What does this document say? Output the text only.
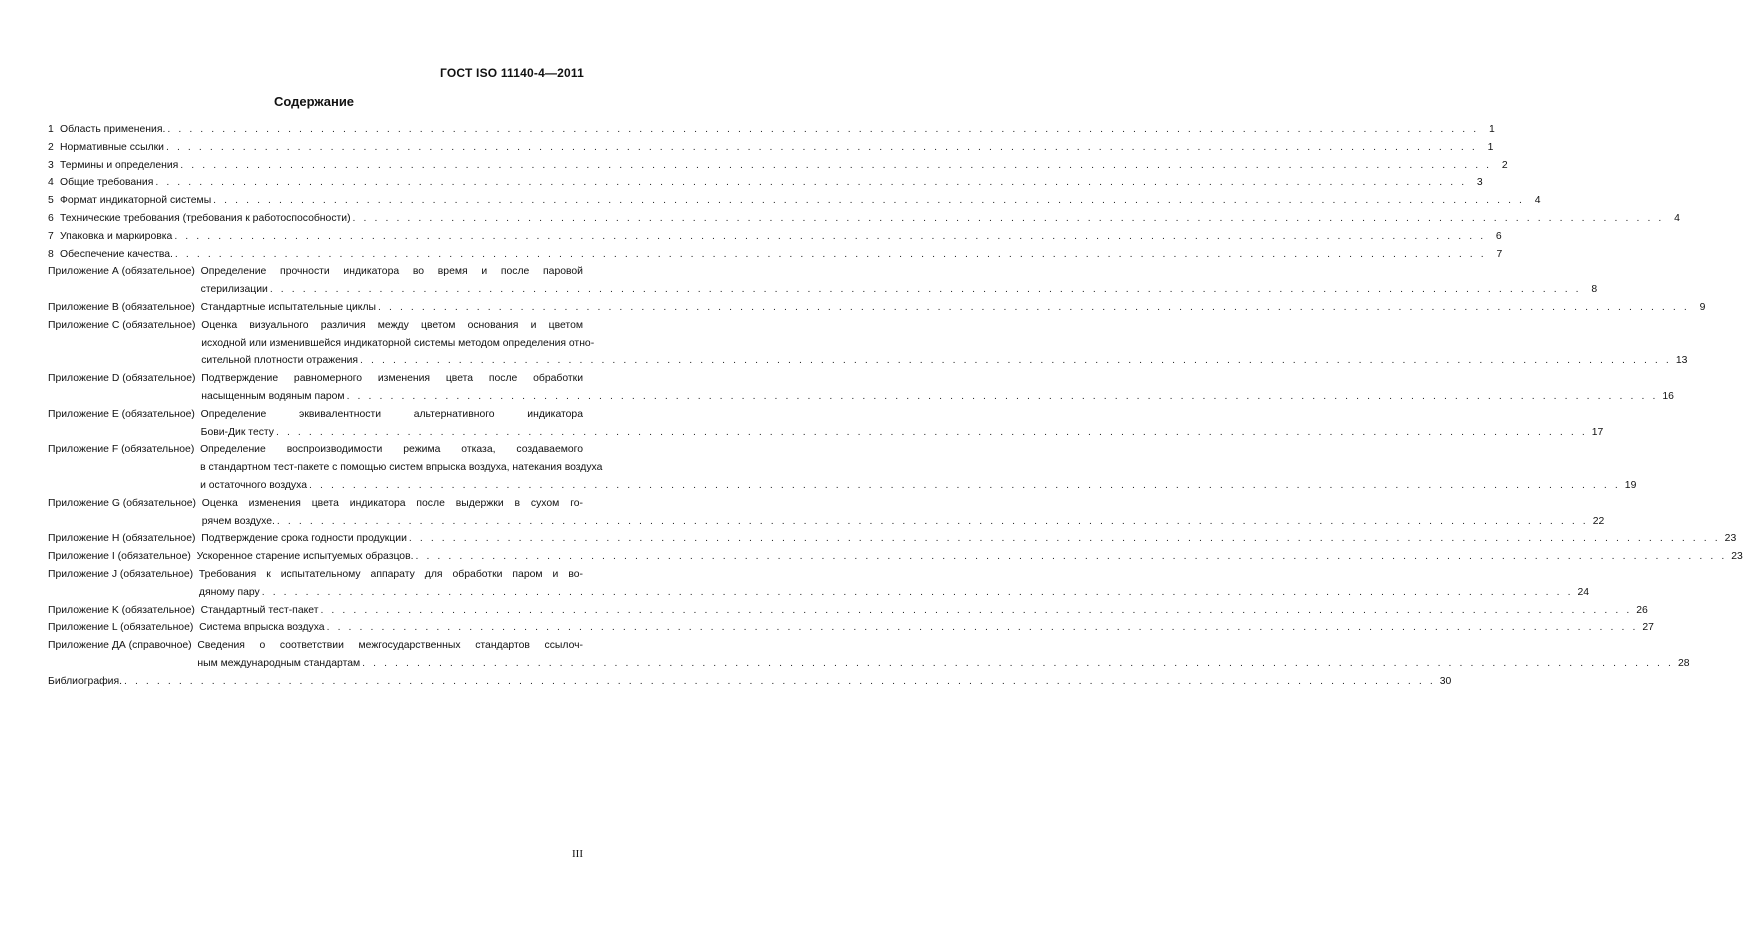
ГОСТ ISO 11140-4—2011
Содержание
1 Область применения. . . . . . . . . . . . . . . . . . . . . . . . . . . . . . . . . . . . . . . . . . . . . . . . . . . . . . . . . . . . . . . . . . . . . . . . . . . . . . . . . . . . . . . . . . . . . . . . . . . . . . . . . . . . . . . . . . . . . . . . . 1
2 Нормативные ссылки . . . . . . . . . . . . . . . . . . . . . . . . . . . . . . . . . . . . . . . . . . . . . . . . . . . . . . . . . . . . . . . . . . . . . . . . . . . . . . . . . . . . . . . . . . . . . . . . . . . . . . . . . . . . . . . . . . . . . . . . 1
3 Термины и определения . . . . . . . . . . . . . . . . . . . . . . . . . . . . . . . . . . . . . . . . . . . . . . . . . . . . . . . . . . . . . . . . . . . . . . . . . . . . . . . . . . . . . . . . . . . . . . . . . . . . . . . . . . . . . . . . . . . . . . . . 2
4 Общие требования . . . . . . . . . . . . . . . . . . . . . . . . . . . . . . . . . . . . . . . . . . . . . . . . . . . . . . . . . . . . . . . . . . . . . . . . . . . . . . . . . . . . . . . . . . . . . . . . . . . . . . . . . . . . . . . . . . . . . . . . 3
5 Формат индикаторной системы . . . . . . . . . . . . . . . . . . . . . . . . . . . . . . . . . . . . . . . . . . . . . . . . . . . . . . . . . . . . . . . . . . . . . . . . . . . . . . . . . . . . . . . . . . . . . . . . . . . . . . . . . . . . . . . . . . . . . . . . 4
6 Технические требования (требования к работоспособности) . . . . . . . . . . . . . . . . . . . . . . . . . . . . . . . . . . . . . . . . . . . . . . . . . . . . . . . . . . . . . . . . . . . . . . . . . . . . . . . . . . . . . . . . . . . . . . . . . . . . . . . . . . . . . . . . . . . . . . . . 4
7 Упаковка и маркировка . . . . . . . . . . . . . . . . . . . . . . . . . . . . . . . . . . . . . . . . . . . . . . . . . . . . . . . . . . . . . . . . . . . . . . . . . . . . . . . . . . . . . . . . . . . . . . . . . . . . . . . . . . . . . . . . . . . . . . . . 6
8 Обеспечение качества. . . . . . . . . . . . . . . . . . . . . . . . . . . . . . . . . . . . . . . . . . . . . . . . . . . . . . . . . . . . . . . . . . . . . . . . . . . . . . . . . . . . . . . . . . . . . . . . . . . . . . . . . . . . . . . . . . . . . . . . . 7
Приложение А (обязательное) Определение прочности индикатора во время и после паровой
стерилизации . . . . . . . . . . . . . . . . . . . . . . . . . . . . . . . . . . . . . . . . . . . . . . . . . . . . . . . . . . . . . . . . . . . . . . . . . . . . . . . . . . . . . . . . . . . . . . . . . . . . . . . . . . . . . . . . . . . . . . . . 8
Приложение В (обязательное) Стандартные испытательные циклы . . . . . . . . . . . . . . . . . . . . . . . . . . . . . . . . . . . . . . . . . . . . . . . . . . . . . . . . . . . . . . . . . . . . . . . . . . . . . . . . . . . . . . . . . . . . . . . . . . . . . . . . . . . . . . . . . . . . . . . . 9
Приложение С (обязательное) Оценка визуального различия между цветом основания и цветом
исходной или изменившейся индикаторной системы методом определения отно-
сительной плотности отражения . . . . . . . . . . . . . . . . . . . . . . . . . . . . . . . . . . . . . . . . . . . . . . . . . . . . . . . . . . . . . . . . . . . . . . . . . . . . . . . . . . . . . . . . . . . . . . . . . . . . . . . . . . . . . . . . . . . . . . . . 13
Приложение D (обязательное) Подтверждение равномерного изменения цвета после обработки
насыщенным водяным паром . . . . . . . . . . . . . . . . . . . . . . . . . . . . . . . . . . . . . . . . . . . . . . . . . . . . . . . . . . . . . . . . . . . . . . . . . . . . . . . . . . . . . . . . . . . . . . . . . . . . . . . . . . . . . . . . . . . . . . . . 16
Приложение Е (обязательное) Определение эквивалентности альтернативного индикатора
Бови-Дик тесту . . . . . . . . . . . . . . . . . . . . . . . . . . . . . . . . . . . . . . . . . . . . . . . . . . . . . . . . . . . . . . . . . . . . . . . . . . . . . . . . . . . . . . . . . . . . . . . . . . . . . . . . . . . . . . . . . . . . . . . . 17
Приложение F (обязательное) Определение воспроизводимости режима отказа, создаваемого
в стандартном тест-пакете с помощью систем впрыска воздуха, натекания воздуха
и остаточного воздуха . . . . . . . . . . . . . . . . . . . . . . . . . . . . . . . . . . . . . . . . . . . . . . . . . . . . . . . . . . . . . . . . . . . . . . . . . . . . . . . . . . . . . . . . . . . . . . . . . . . . . . . . . . . . . . . . . . . . . . . . 19
Приложение G (обязательное) Оценка изменения цвета индикатора после выдержки в сухом го-
рячем воздухе. . . . . . . . . . . . . . . . . . . . . . . . . . . . . . . . . . . . . . . . . . . . . . . . . . . . . . . . . . . . . . . . . . . . . . . . . . . . . . . . . . . . . . . . . . . . . . . . . . . . . . . . . . . . . . . . . . . . . . . . . 22
Приложение Н (обязательное) Подтверждение срока годности продукции . . . . . . . . . . . . . . . . . . . . . . . . . . . . . . . . . . . . . . . . . . . . . . . . . . . . . . . . . . . . . . . . . . . . . . . . . . . . . . . . . . . . . . . . . . . . . . . . . . . . . . . . . . . . . . . . . . . . . . . . 23
Приложение I (обязательное) Ускоренное старение испытуемых образцов. . . . . . . . . . . . . . . . . . . . . . . . . . . . . . . . . . . . . . . . . . . . . . . . . . . . . . . . . . . . . . . . . . . . . . . . . . . . . . . . . . . . . . . . . . . . . . . . . . . . . . . . . . . . . . . . . . . . . . . . . 23
Приложение J (обязательное) Требования к испытательному аппарату для обработки паром и во-
дяному пару . . . . . . . . . . . . . . . . . . . . . . . . . . . . . . . . . . . . . . . . . . . . . . . . . . . . . . . . . . . . . . . . . . . . . . . . . . . . . . . . . . . . . . . . . . . . . . . . . . . . . . . . . . . . . . . . . . . . . . . . 24
Приложение K (обязательное) Стандартный тест-пакет . . . . . . . . . . . . . . . . . . . . . . . . . . . . . . . . . . . . . . . . . . . . . . . . . . . . . . . . . . . . . . . . . . . . . . . . . . . . . . . . . . . . . . . . . . . . . . . . . . . . . . . . . . . . . . . . . . . . . . . . 26
Приложение L (обязательное) Система впрыска воздуха . . . . . . . . . . . . . . . . . . . . . . . . . . . . . . . . . . . . . . . . . . . . . . . . . . . . . . . . . . . . . . . . . . . . . . . . . . . . . . . . . . . . . . . . . . . . . . . . . . . . . . . . . . . . . . . . . . . . . . . . 27
Приложение ДА (справочное) Сведения о соответствии межгосударственных стандартов ссылоч-
ным международным стандартам . . . . . . . . . . . . . . . . . . . . . . . . . . . . . . . . . . . . . . . . . . . . . . . . . . . . . . . . . . . . . . . . . . . . . . . . . . . . . . . . . . . . . . . . . . . . . . . . . . . . . . . . . . . . . . . . . . . . . . . . 28
Библиография. . . . . . . . . . . . . . . . . . . . . . . . . . . . . . . . . . . . . . . . . . . . . . . . . . . . . . . . . . . . . . . . . . . . . . . . . . . . . . . . . . . . . . . . . . . . . . . . . . . . . . . . . . . . . . . . . . . . . . . . . 30
III
